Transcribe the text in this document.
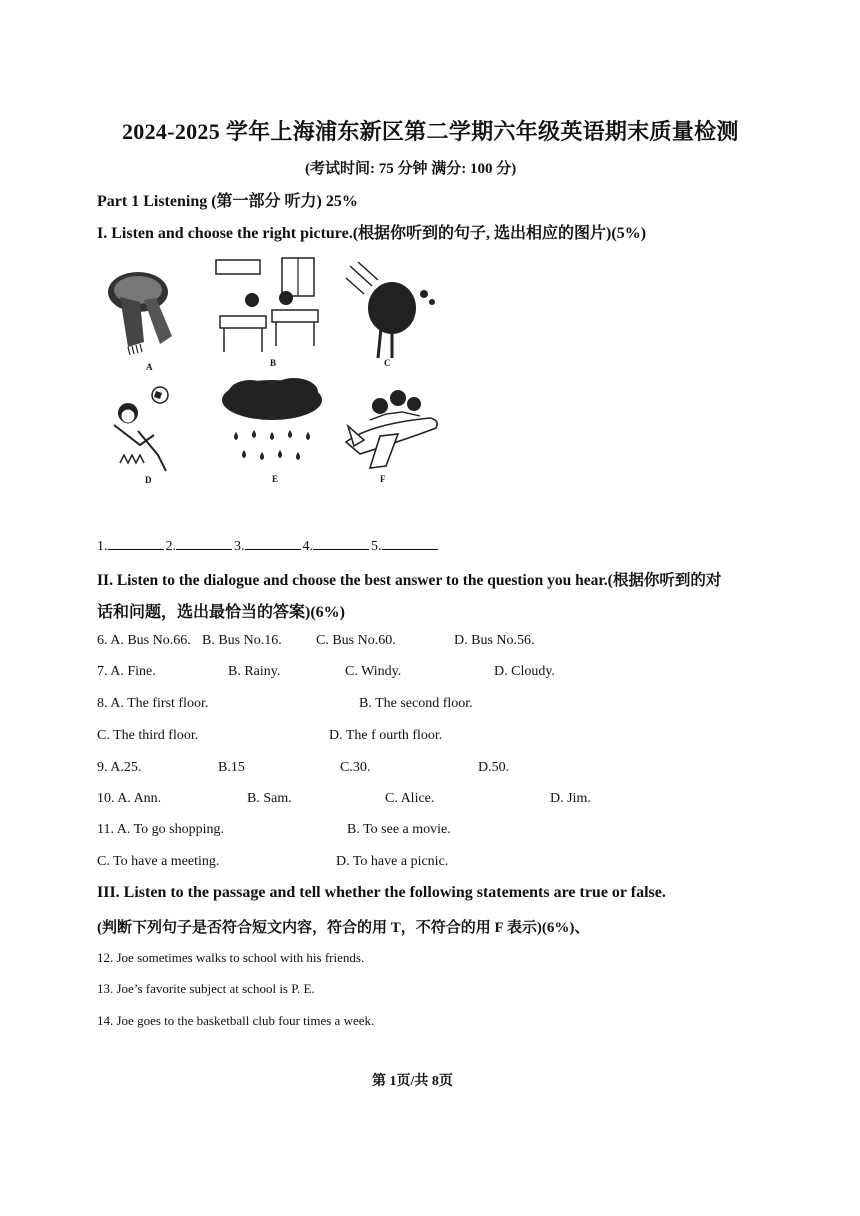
2024-2025 学年上海浦东新区第二学期六年级英语期末质量检测
(考试时间: 75 分钟 满分: 100 分)
Part 1 Listening (第一部分 听力) 25%
I. Listen and choose the right picture.(根据你听到的句子, 选出相应的图片)(5%)
A	B	C
D	E	F
1.	2.	3.	4.	5.
II. Listen to the dialogue and choose the best answer to the question you hear.(根据你听到的对
话和问题，选出最恰当的答案)(6%)
6. A. Bus No.66. B. Bus No.16. C. Bus No.60.	D. Bus No.56.
7. A. Fine.	B. Rainy.	C. Windy.	D. Cloudy.
8. A. The first floor.	B. The second floor.
C. The third floor.	D. The f ourth floor.
9. A.25.	B.15	C.30.	D.50.
10. A. Ann.	B. Sam.	C. Alice.	D. Jim.
11. A. To go shopping.	B. To see a movie.
C. To have a meeting.	D. To have a picnic.
III. Listen to the passage and tell whether the following statements are true or false.
(判断下列句子是否符合短文内容，符合的用 T，不符合的用 F 表示)(6%)、
12. Joe sometimes walks to school with his friends.
13. Joe’s favorite subject at school is P. E.
14. Joe goes to the basketball club four times a week.
第 1页/共 8页
